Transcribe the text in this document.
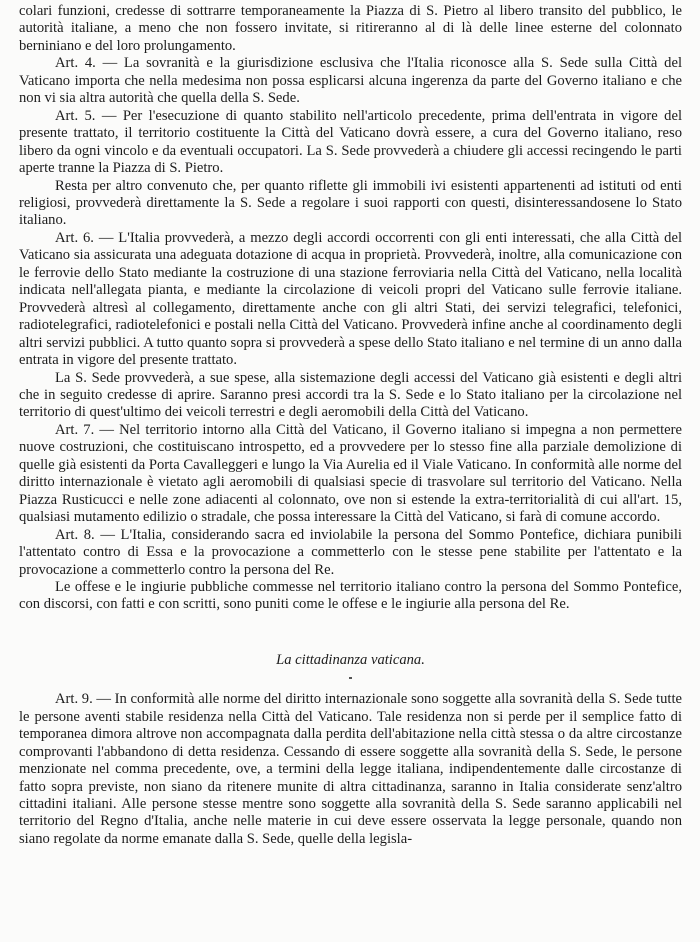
colari funzioni, credesse di sottrarre temporaneamente la Piazza di S. Pietro al libero transito del pubblico, le autorità italiane, a meno che non fossero invitate, si ritireranno al di là delle linee esterne del colonnato berniniano e del loro prolungamento.

Art. 4. — La sovranità e la giurisdizione esclusiva che l'Italia riconosce alla S. Sede sulla Città del Vaticano importa che nella medesima non possa esplicarsi alcuna ingerenza da parte del Governo italiano e che non vi sia altra autorità che quella della S. Sede.

Art. 5. — Per l'esecuzione di quanto stabilito nell'articolo precedente, prima dell'entrata in vigore del presente trattato, il territorio costituente la Città del Vaticano dovrà essere, a cura del Governo italiano, reso libero da ogni vincolo e da eventuali occupatori. La S. Sede provvederà a chiudere gli accessi recingendo le parti aperte tranne la Piazza di S. Pietro.

Resta per altro convenuto che, per quanto riflette gli immobili ivi esistenti appartenenti ad istituti od enti religiosi, provvederà direttamente la S. Sede a regolare i suoi rapporti con questi, disinteressandosene lo Stato italiano.

Art. 6. — L'Italia provvederà, a mezzo degli accordi occorrenti con gli enti interessati, che alla Città del Vaticano sia assicurata una adeguata dotazione di acqua in proprietà. Provvederà, inoltre, alla comunicazione con le ferrovie dello Stato mediante la costruzione di una stazione ferroviaria nella Città del Vaticano, nella località indicata nell'allegata pianta, e mediante la circolazione di veicoli propri del Vaticano sulle ferrovie italiane. Provvederà altresì al collegamento, direttamente anche con gli altri Stati, dei servizi telegrafici, telefonici, radiotelegrafici, radiotelefonici e postali nella Città del Vaticano. Provvederà infine anche al coordinamento degli altri servizi pubblici. A tutto quanto sopra si provvederà a spese dello Stato italiano e nel termine di un anno dalla entrata in vigore del presente trattato.

La S. Sede provvederà, a sue spese, alla sistemazione degli accessi del Vaticano già esistenti e degli altri che in seguito credesse di aprire. Saranno presi accordi tra la S. Sede e lo Stato italiano per la circolazione nel territorio di quest'ultimo dei veicoli terrestri e degli aeromobili della Città del Vaticano.

Art. 7. — Nel territorio intorno alla Città del Vaticano, il Governo italiano si impegna a non permettere nuove costruzioni, che costituiscano introspetto, ed a provvedere per lo stesso fine alla parziale demolizione di quelle già esistenti da Porta Cavalleggeri e lungo la Via Aurelia ed il Viale Vaticano. In conformità alle norme del diritto internazionale è vietato agli aeromobili di qualsiasi specie di trasvolare sul territorio del Vaticano. Nella Piazza Rusticucci e nelle zone adiacenti al colonnato, ove non si estende la extra-territorialità di cui all'art. 15, qualsiasi mutamento edilizio o stradale, che possa interessare la Città del Vaticano, si farà di comune accordo.

Art. 8. — L'Italia, considerando sacra ed inviolabile la persona del Sommo Pontefice, dichiara punibili l'attentato contro di Essa e la provocazione a commetterlo con le stesse pene stabilite per l'attentato e la provocazione a commetterlo contro la persona del Re.

Le offese e le ingiurie pubbliche commesse nel territorio italiano contro la persona del Sommo Pontefice, con discorsi, con fatti e con scritti, sono puniti come le offese e le ingiurie alla persona del Re.

La cittadinanza vaticana.

Art. 9. — In conformità alle norme del diritto internazionale sono soggette alla sovranità della S. Sede tutte le persone aventi stabile residenza nella Città del Vaticano. Tale residenza non si perde per il semplice fatto di temporanea dimora altrove non accompagnata dalla perdita dell'abitazione nella città stessa o da altre circostanze comprovanti l'abbandono di detta residenza. Cessando di essere soggette alla sovranità della S. Sede, le persone menzionate nel comma precedente, ove, a termini della legge italiana, indipendentemente dalle circostanze di fatto sopra previste, non siano da ritenere munite di altra cittadinanza, saranno in Italia considerate senz'altro cittadini italiani. Alle persone stesse mentre sono soggette alla sovranità della S. Sede saranno applicabili nel territorio del Regno d'Italia, anche nelle materie in cui deve essere osservata la legge personale, quando non siano regolate da norme emanate dalla S. Sede, quelle della legisla-
